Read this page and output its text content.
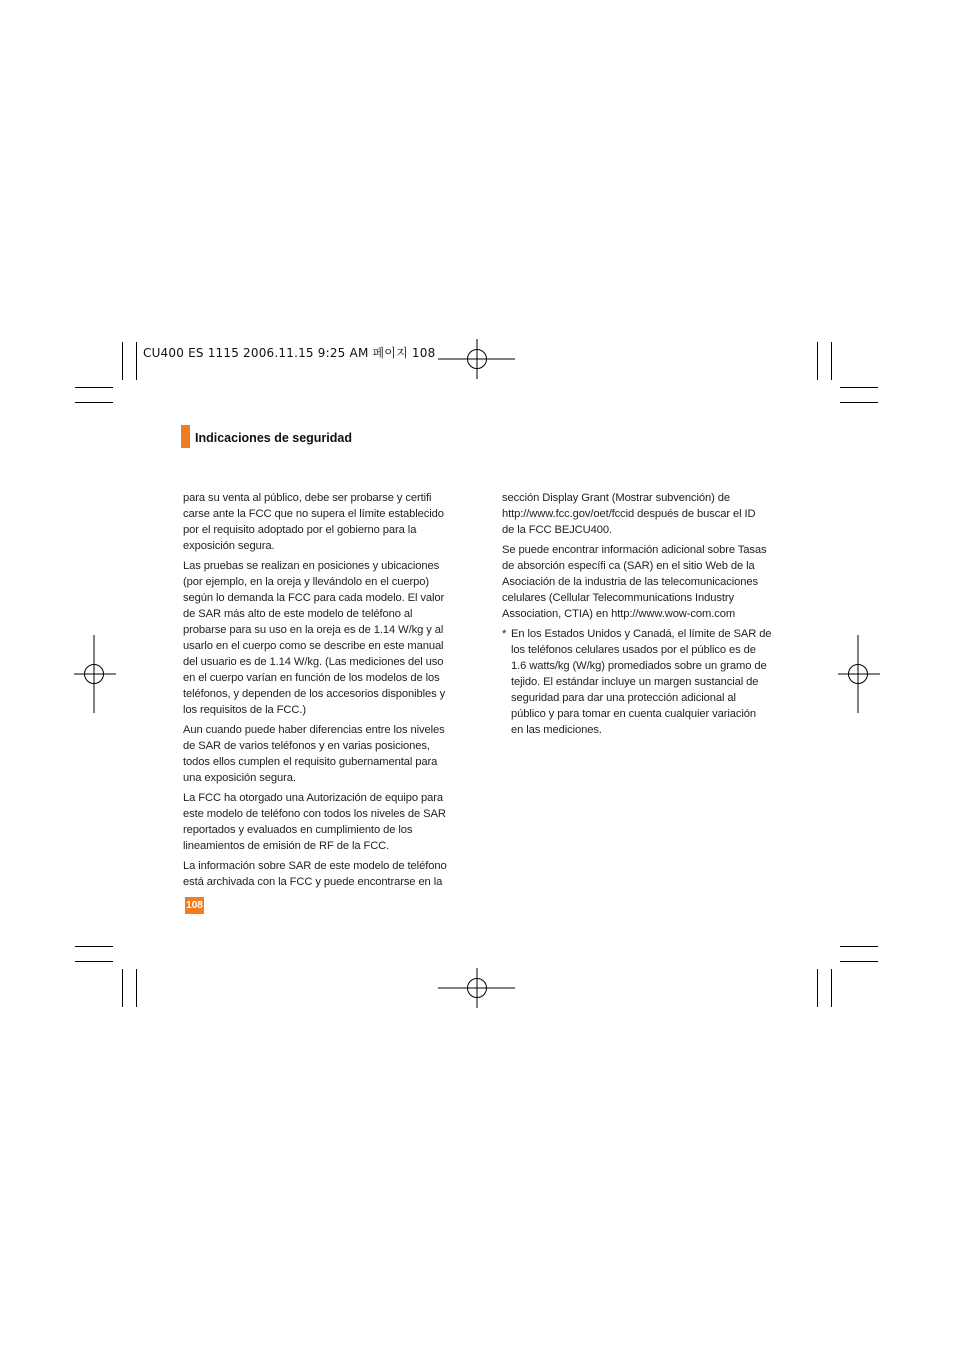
CU400 ES 1115 2006.11.15 9:25 AM 페이지 108
Indicaciones de seguridad

para su venta al público, debe ser probarse y certifi
carse ante la FCC que no supera el límite establecido
por el requisito adoptado por el gobierno para la
exposición segura.

Las pruebas se realizan en posiciones y ubicaciones
(por ejemplo, en la oreja y llevándolo en el cuerpo)
según lo demanda la FCC para cada modelo. El valor
de SAR más alto de este modelo de teléfono al
probarse para su uso en la oreja es de 1.14 W/kg y al
usarlo en el cuerpo como se describe en este manual
del usuario es de 1.14 W/kg. (Las mediciones del uso
en el cuerpo varían en función de los modelos de los
teléfonos, y dependen de los accesorios disponibles y
los requisitos de la FCC.)

Aun cuando puede haber diferencias entre los niveles
de SAR de varios teléfonos y en varias posiciones,
todos ellos cumplen el requisito gubernamental para
una exposición segura.

La FCC ha otorgado una Autorización de equipo para
este modelo de teléfono con todos los niveles de SAR
reportados y evaluados en cumplimiento de los
lineamientos de emisión de RF de la FCC.

La información sobre SAR de este modelo de teléfono
está archivada con la FCC y puede encontrarse en la

sección Display Grant (Mostrar subvención) de
http://www.fcc.gov/oet/fccid después de buscar el ID
de la FCC BEJCU400.

Se puede encontrar información adicional sobre Tasas
de absorción específi ca (SAR) en el sitio Web de la
Asociación de la industria de las telecomunicaciones
celulares (Cellular Telecommunications Industry
Association, CTIA) en http://www.wow-com.com

* En los Estados Unidos y Canadá, el límite de SAR de
los teléfonos celulares usados por el público es de
1.6 watts/kg (W/kg) promediados sobre un gramo de
tejido. El estándar incluye un margen sustancial de
seguridad para dar una protección adicional al
público y para tomar en cuenta cualquier variación
en las mediciones.

108
